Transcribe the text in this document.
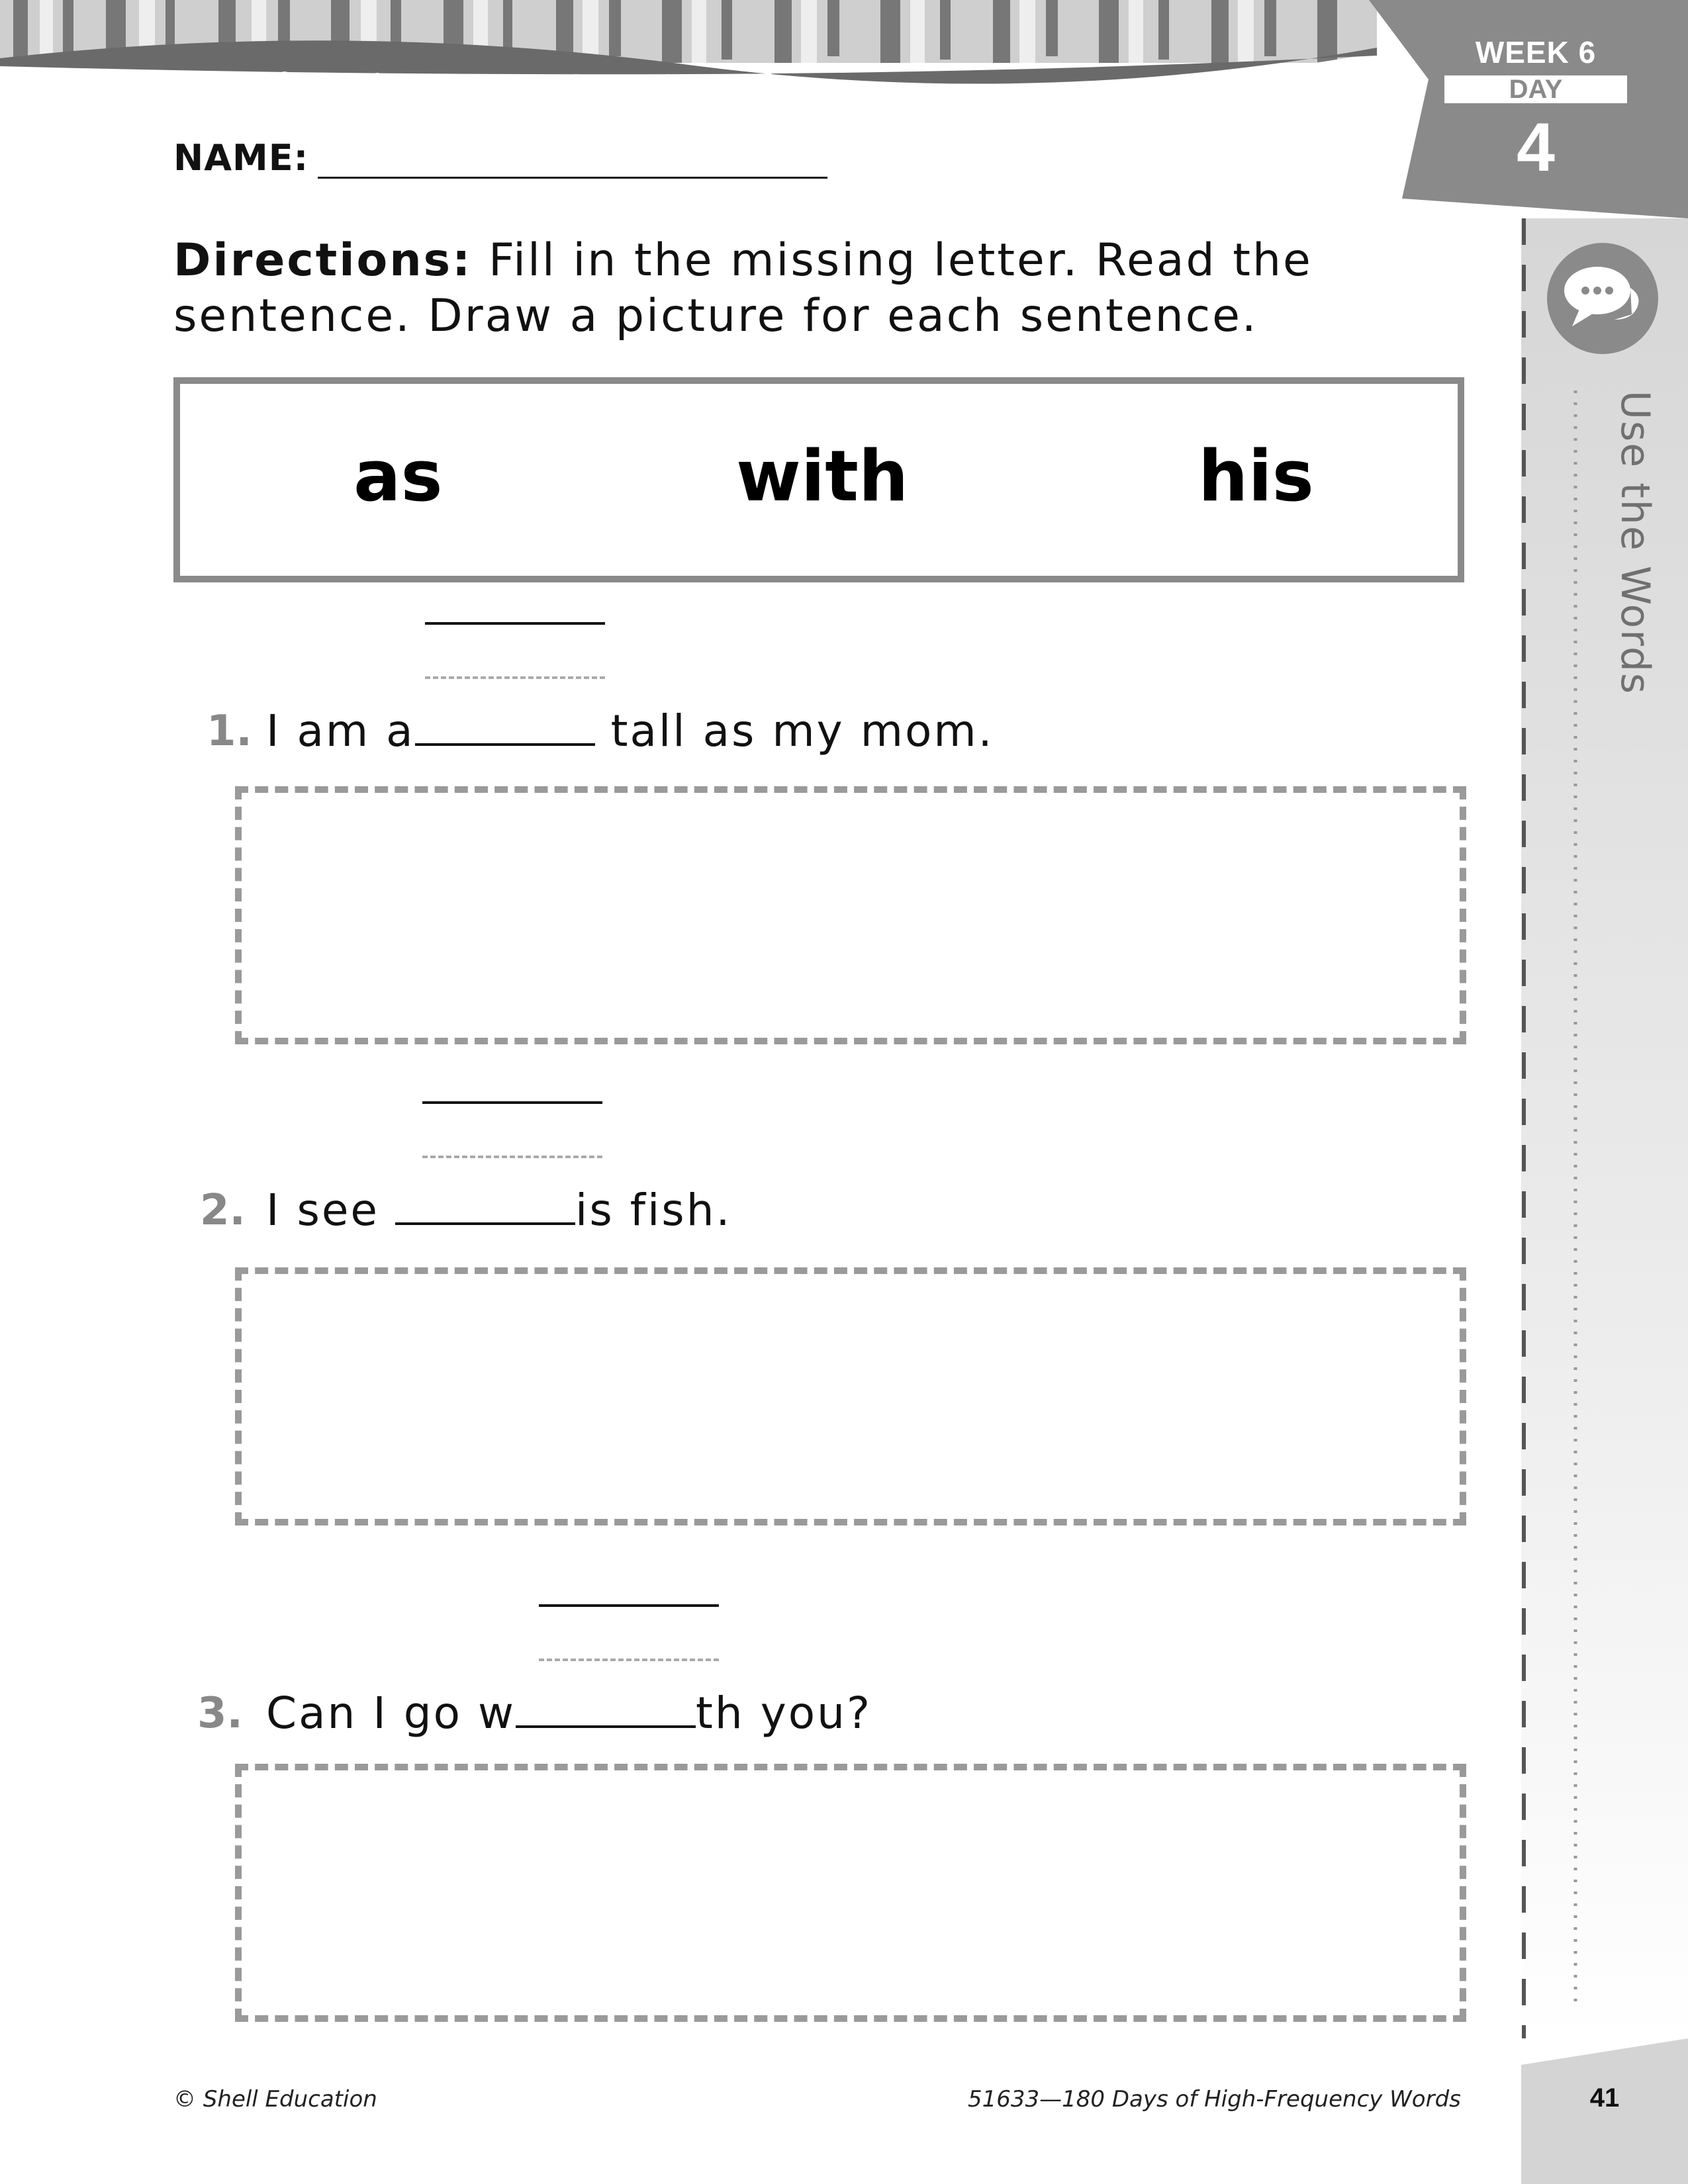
WEEK 6
DAY
4
Use the Words
NAME:
Directions: Fill in the missing letter. Read the sentence. Draw a picture for each sentence.
as	with	his
1. I am a	tall as my mom.
2. I see	is fish.
3. Can I go w	th you?
© Shell Education	51633—180 Days of High-Frequency Words	41
